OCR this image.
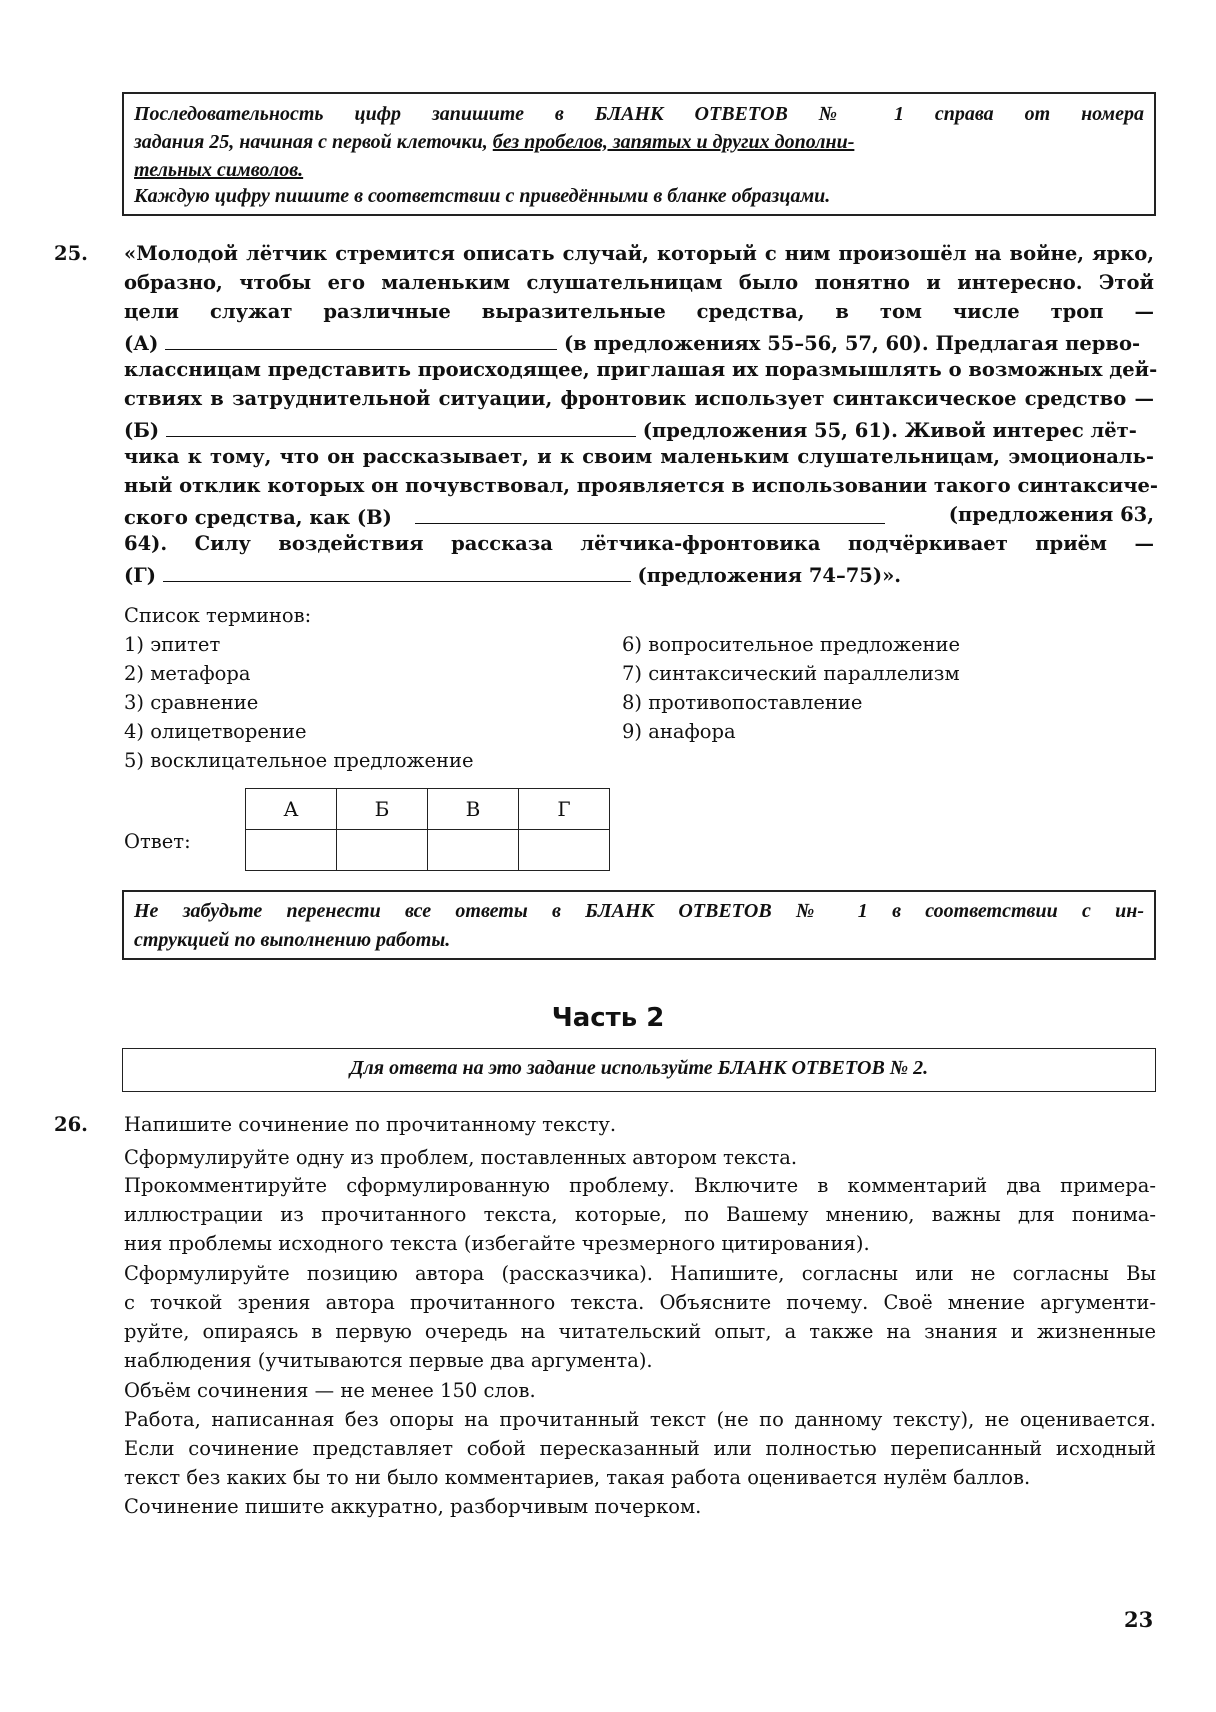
Последовательность цифр запишите в БЛАНК ОТВЕТОВ № 1 справа от номера
задания 25, начиная с первой клеточки, без пробелов, запятых и других дополни-
тельных символов.
Каждую цифру пишите в соответствии с приведёнными в бланке образцами.
25. «Молодой лётчик стремится описать случай, который с ним произошёл на войне, ярко,
образно, чтобы его маленьким слушательницам было понятно и интересно. Этой
цели служат различные выразительные средства, в том числе троп —
(А)	(в предложениях 55–56, 57, 60). Предлагая перво-
классницам представить происходящее, приглашая их поразмышлять о возможных дей-
ствиях в затруднительной ситуации, фронтовик использует синтаксическое средство —
(Б)	(предложения 55, 61). Живой интерес лёт-
чика к тому, что он рассказывает, и к своим маленьким слушательницам, эмоциональ-
ный отклик которых он почувствовал, проявляется в использовании такого синтаксиче-
ского средства, как (В)	(предложения 63,
64). Силу воздействия рассказа лётчика-фронтовика подчёркивает приём —
(Г)	(предложения 74–75)».
Список терминов:
1) эпитет
2) метафора
3) сравнение
4) олицетворение
5) восклицательное предложение
6) вопросительное предложение
7) синтаксический параллелизм
8) противопоставление
9) анафора
Ответ:
А	Б	В	Г

Не забудьте перенести все ответы в БЛАНК ОТВЕТОВ № 1 в соответствии с ин-
струкцией по выполнению работы.
Часть 2
Для ответа на это задание используйте БЛАНК ОТВЕТОВ № 2.
26. Напишите сочинение по прочитанному тексту.
Сформулируйте одну из проблем, поставленных автором текста.
Прокомментируйте сформулированную проблему. Включите в комментарий два примера-
иллюстрации из прочитанного текста, которые, по Вашему мнению, важны для понима-
ния проблемы исходного текста (избегайте чрезмерного цитирования).
Сформулируйте позицию автора (рассказчика). Напишите, согласны или не согласны Вы
с точкой зрения автора прочитанного текста. Объясните почему. Своё мнение аргументи-
руйте, опираясь в первую очередь на читательский опыт, а также на знания и жизненные
наблюдения (учитываются первые два аргумента).
Объём сочинения — не менее 150 слов.
Работа, написанная без опоры на прочитанный текст (не по данному тексту), не оценивается.
Если сочинение представляет собой пересказанный или полностью переписанный исходный
текст без каких бы то ни было комментариев, такая работа оценивается нулём баллов.
Сочинение пишите аккуратно, разборчивым почерком.
23
